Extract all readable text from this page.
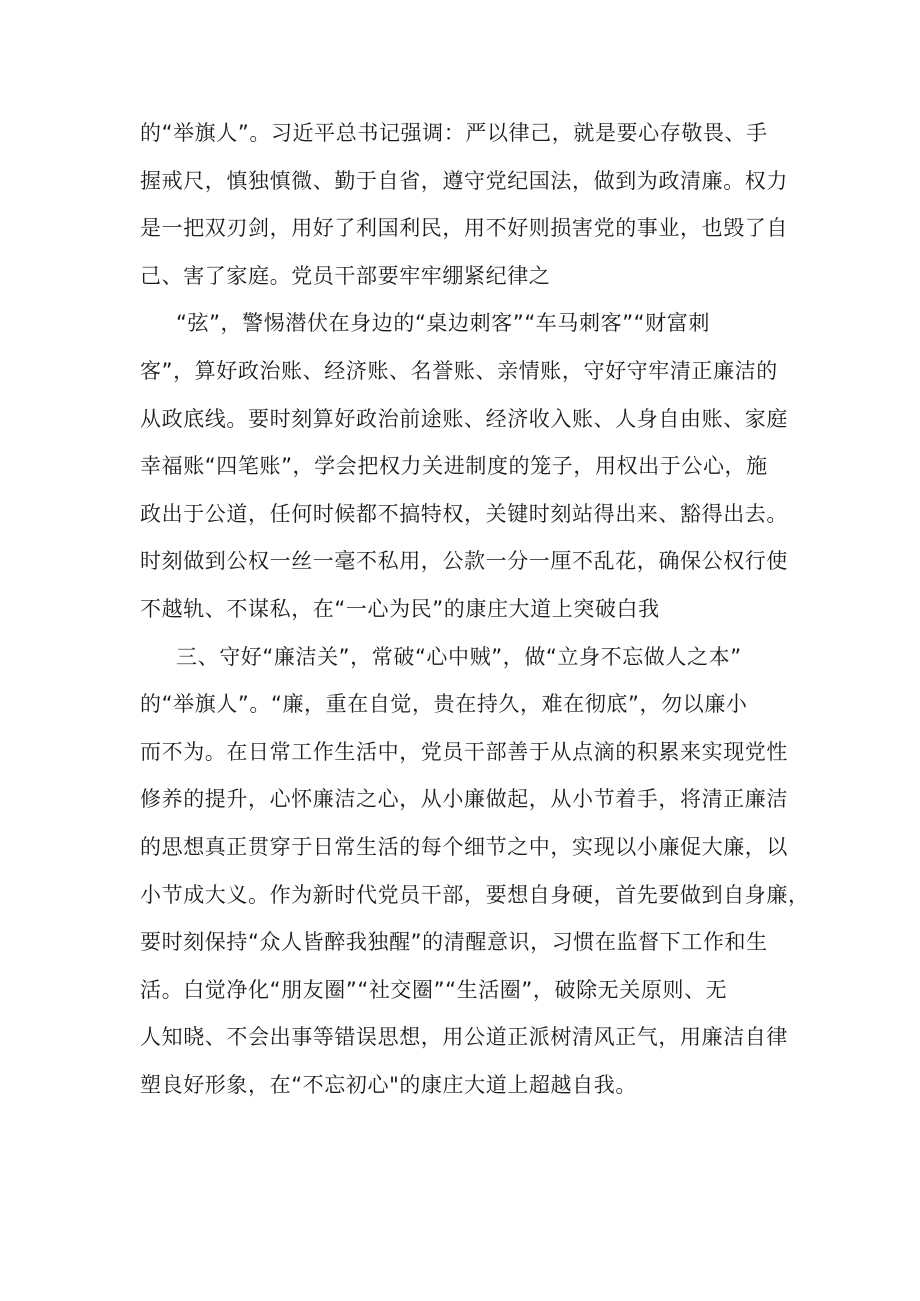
的“举旗人”。习近平总书记强调：严以律己，就是要心存敬畏、手
握戒尺，慎独慎微、勤于自省，遵守党纪国法，做到为政清廉。权力
是一把双刃剑，用好了利国利民，用不好则损害党的事业，也毁了自
己、害了家庭。党员干部要牢牢绷紧纪律之
“弦”，警惕潜伏在身边的“桌边刺客”“车马刺客”“财富刺
客”，算好政治账、经济账、名誉账、亲情账，守好守牢清正廉洁的
从政底线。要时刻算好政治前途账、经济收入账、人身自由账、家庭
幸福账“四笔账”，学会把权力关进制度的笼子，用权出于公心，施
政出于公道，任何时候都不搞特权，关键时刻站得出来、豁得出去。
时刻做到公权一丝一毫不私用，公款一分一厘不乱花，确保公权行使
不越轨、不谋私，在“一心为民”的康庄大道上突破白我
三、守好“廉洁关”，常破“心中贼”，做“立身不忘做人之本”
的“举旗人”。“廉，重在自觉，贵在持久，难在彻底”，勿以廉小
而不为。在日常工作生活中，党员干部善于从点滴的积累来实现党性
修养的提升，心怀廉洁之心，从小廉做起，从小节着手，将清正廉洁
的思想真正贯穿于日常生活的每个细节之中，实现以小廉促大廉，以
小节成大义。作为新时代党员干部，要想自身硬，首先要做到自身廉，
要时刻保持“众人皆醉我独醒”的清醒意识，习惯在监督下工作和生
活。白觉净化“朋友圈”“社交圈”“生活圈”，破除无关原则、无
人知晓、不会出事等错误思想，用公道正派树清风正气，用廉洁自律
塑良好形象，在“不忘初心"的康庄大道上超越自我。
